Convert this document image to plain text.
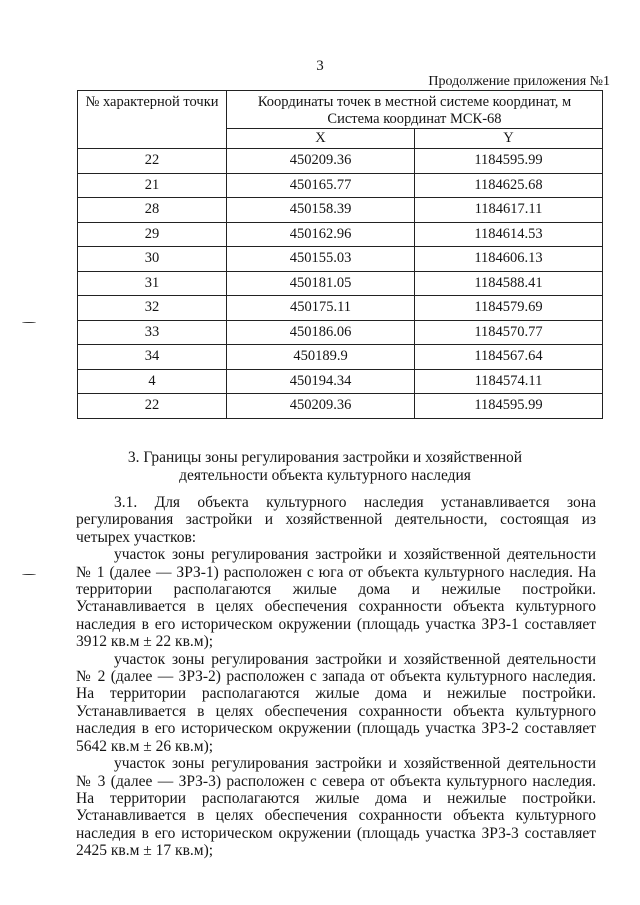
3
Продолжение приложения №1
№ характерной точки	Координаты точек в местной системе координат, м
Система координат МСК-68	

	X	Y
22	450209.36	1184595.99
21	450165.77	1184625.68
28	450158.39	1184617.11
29	450162.96	1184614.53
30	450155.03	1184606.13
31	450181.05	1184588.41
32	450175.11	1184579.69
33	450186.06	1184570.77
34	450189.9	1184567.64
4	450194.34	1184574.11
22	450209.36	1184595.99
3. Границы зоны регулирования застройки и хозяйственной
деятельности объекта культурного наследия

3.1. Для объекта культурного наследия устанавливается зона регулирования застройки и хозяйственной деятельности, состоящая из четырех участков:

участок зоны регулирования застройки и хозяйственной деятельности № 1 (далее — ЗРЗ-1) расположен с юга от объекта культурного наследия. На территории располагаются жилые дома и нежилые постройки. Устанавливается в целях обеспечения сохранности объекта культурного наследия в его историческом окружении (площадь участка ЗРЗ-1 составляет 3912 кв.м ± 22 кв.м);

участок зоны регулирования застройки и хозяйственной деятельности № 2 (далее — ЗРЗ-2) расположен с запада от объекта культурного наследия. На территории располагаются жилые дома и нежилые постройки. Устанавливается в целях обеспечения сохранности объекта культурного наследия в его историческом окружении (площадь участка ЗРЗ-2 составляет 5642 кв.м ± 26 кв.м);

участок зоны регулирования застройки и хозяйственной деятельности № 3 (далее — ЗРЗ-3) расположен с севера от объекта культурного наследия. На территории располагаются жилые дома и нежилые постройки. Устанавливается в целях обеспечения сохранности объекта культурного наследия в его историческом окружении (площадь участка ЗРЗ-3 составляет 2425 кв.м ± 17 кв.м);
